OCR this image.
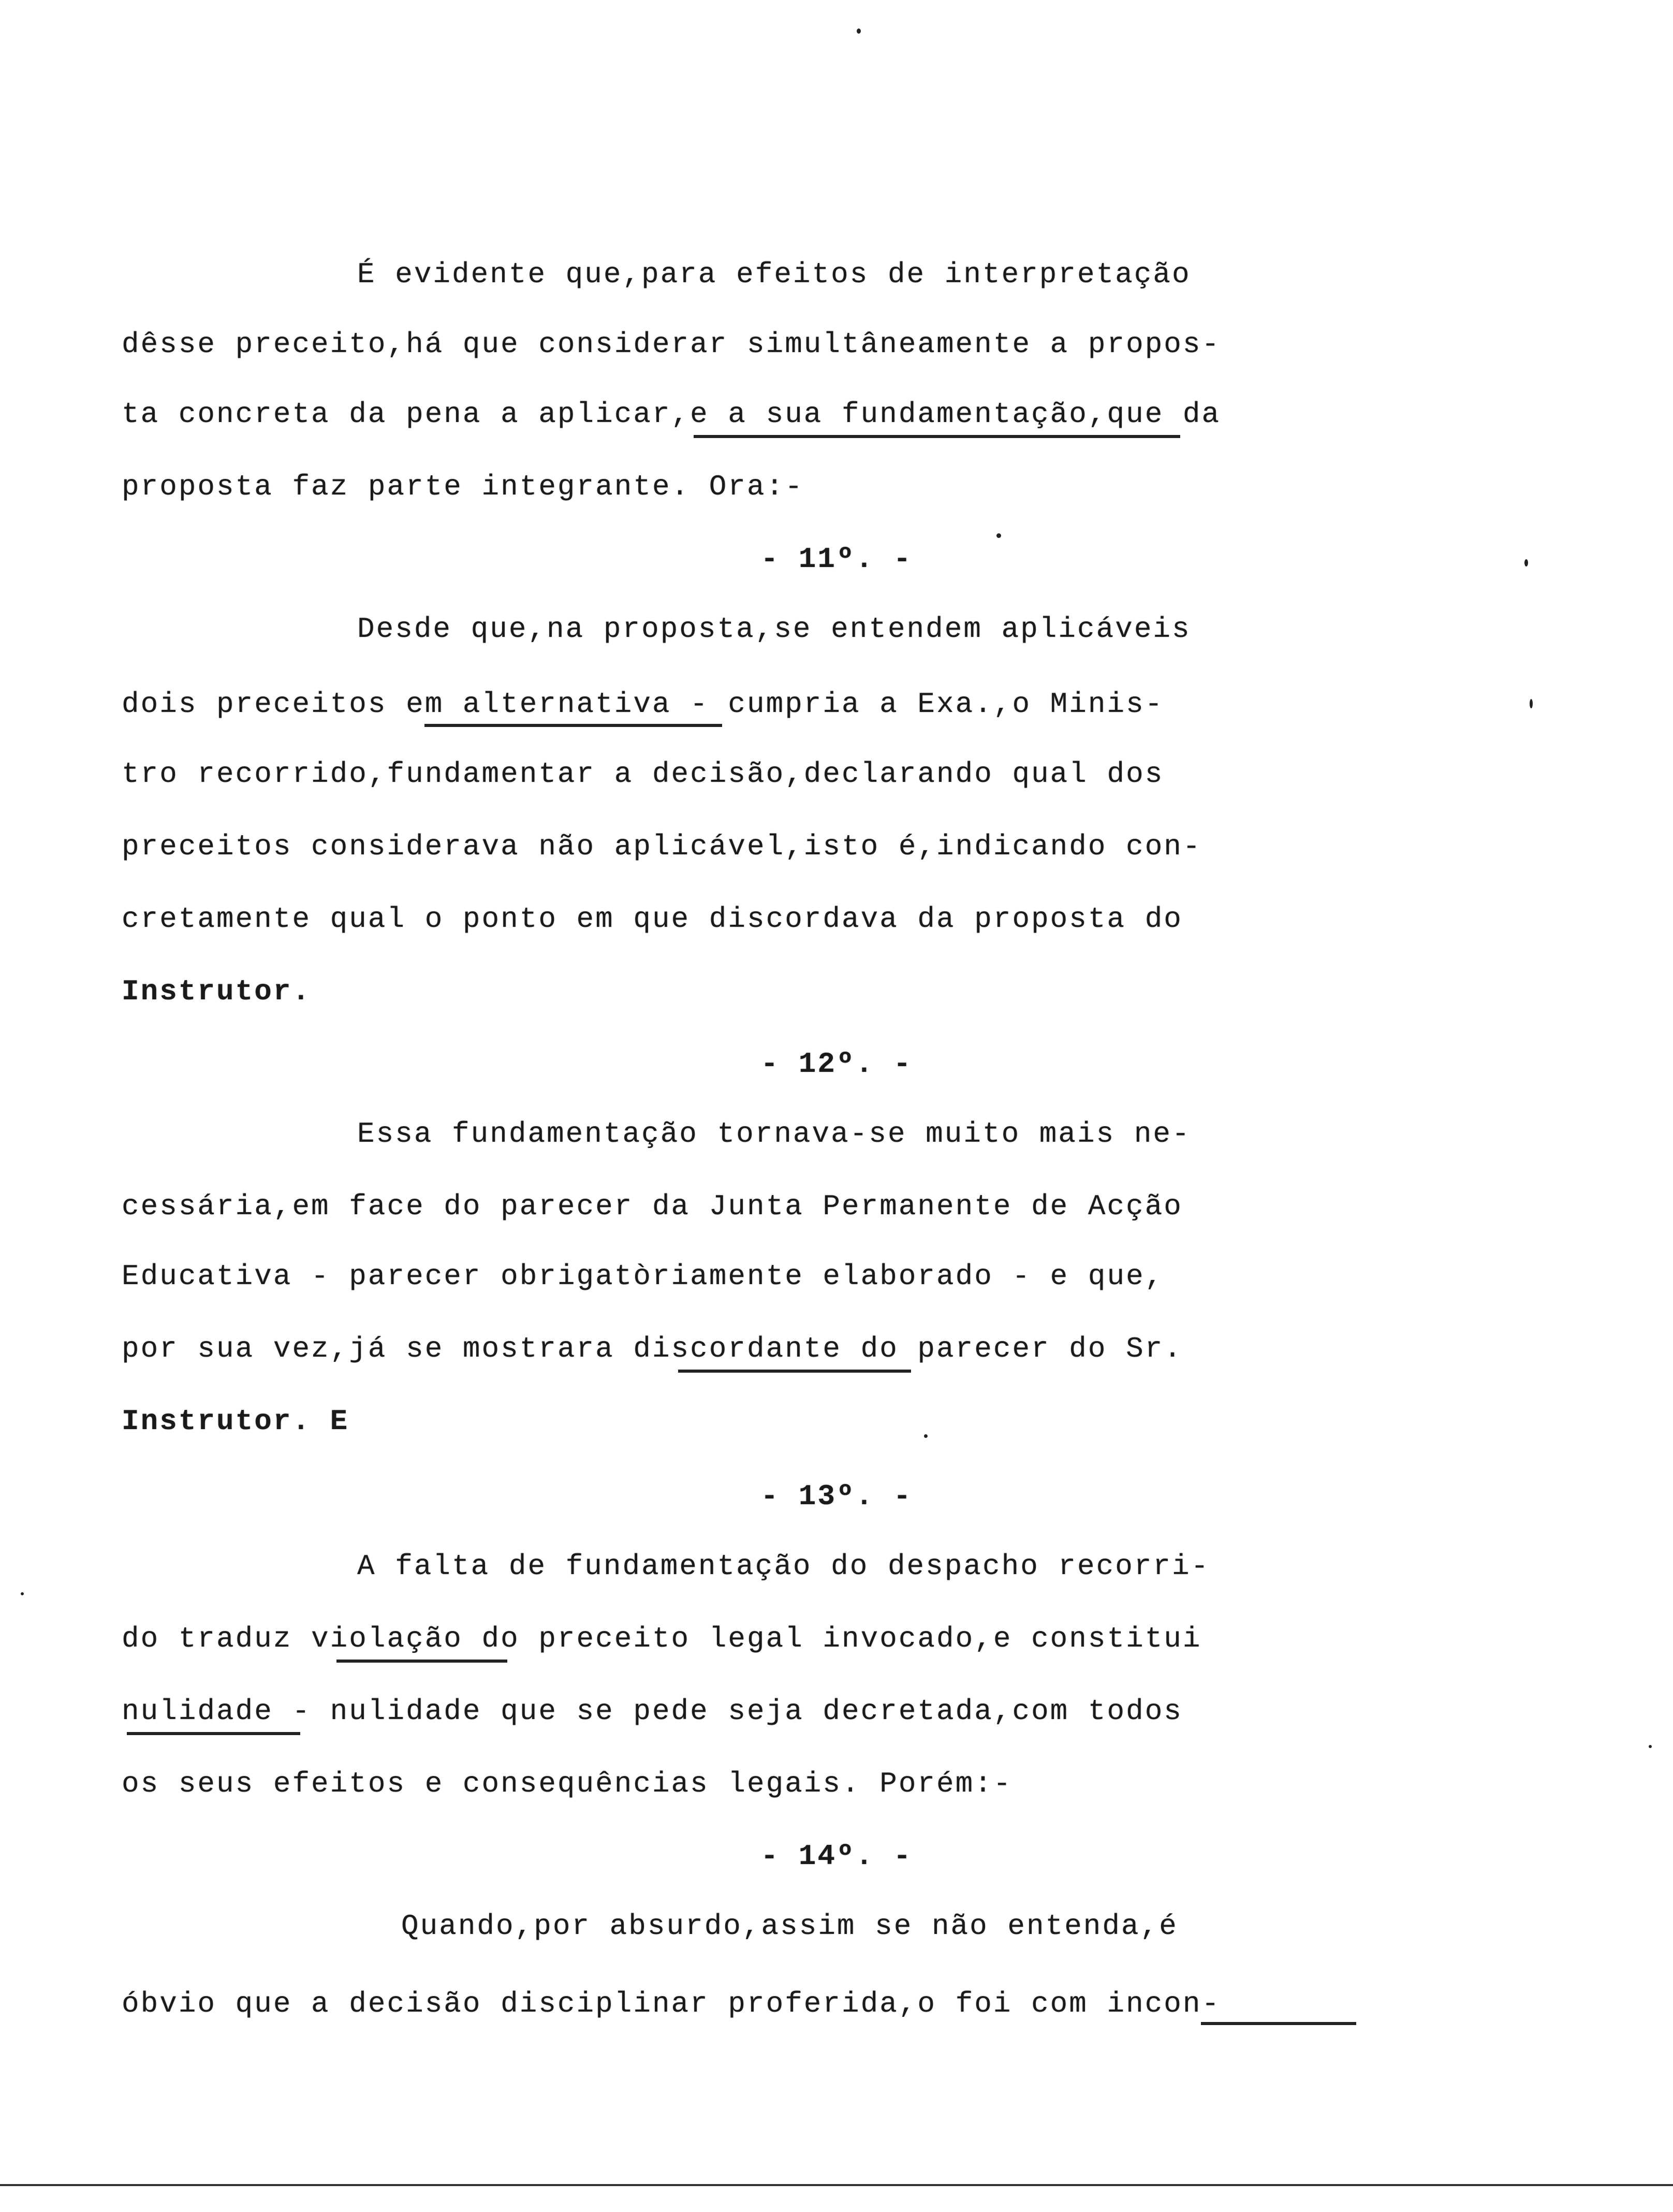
É evidente que,para efeitos de interpretação
dêsse preceito,há que considerar simultâneamente a propos-
ta concreta da pena a aplicar,e a sua fundamentação,que da
proposta faz parte integrante. Ora:-
- 11º. -
Desde que,na proposta,se entendem aplicáveis
dois preceitos em alternativa - cumpria a Exa.,o Minis-
tro recorrido,fundamentar a decisão,declarando qual dos
preceitos considerava não aplicável,isto é,indicando con-
cretamente qual o ponto em que discordava da proposta do
Instrutor.
- 12º. -
Essa fundamentação tornava-se muito mais ne-
cessária,em face do parecer da Junta Permanente de Acção
Educativa - parecer obrigatòriamente elaborado - e que,
por sua vez,já se mostrara discordante do parecer do Sr.
Instrutor. E
- 13º. -
A falta de fundamentação do despacho recorri-
do traduz violação do preceito legal invocado,e constitui
nulidade - nulidade que se pede seja decretada,com todos
os seus efeitos e consequências legais. Porém:-
- 14º. -
Quando,por absurdo,assim se não entenda,é
óbvio que a decisão disciplinar proferida,o foi com incon-
